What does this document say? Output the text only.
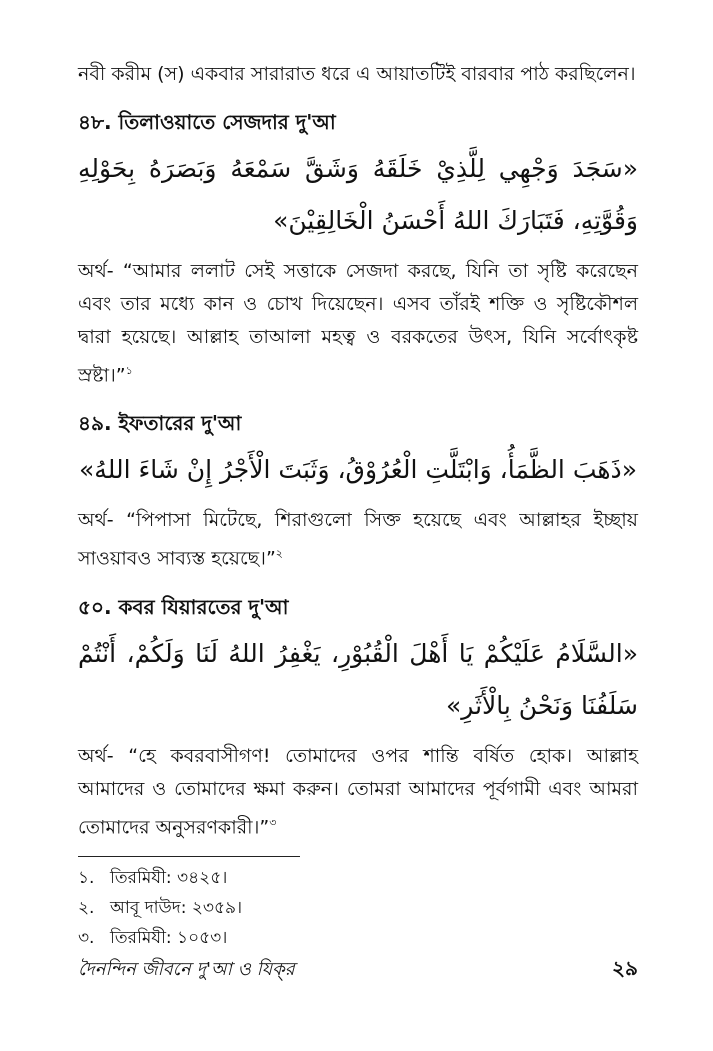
নবী করীম (স) একবার সারারাত ধরে এ আয়াতটিই বারবার পাঠ করছিলেন।

৪৮. তিলাওয়াতে সেজদার দু'আ

«سَجَدَ وَجْهِي لِلَّذِيْ خَلَقَهُ وَشَقَّ سَمْعَهُ وَبَصَرَهُ بِحَوْلِهِ وَقُوَّتِهِ، فَتَبَارَكَ اللهُ أَحْسَنُ الْخَالِقِيْنَ»

অর্থ- “আমার ললাট সেই সত্তাকে সেজদা করছে, যিনি তা সৃষ্টি করেছেন এবং তার মধ্যে কান ও চোখ দিয়েছেন। এসব তাঁরই শক্তি ও সৃষ্টিকৌশল দ্বারা হয়েছে। আল্লাহ তাআলা মহত্ব ও বরকতের উৎস, যিনি সর্বোৎকৃষ্ট স্রষ্টা।”$^১$

৪৯. ইফতারের দু'আ

«ذَهَبَ الظَّمَأُ، وَابْتَلَّتِ الْعُرُوْقُ، وَثَبَتَ الْأَجْرُ إِنْ شَاءَ اللهُ»

অর্থ- “পিপাসা মিটেছে, শিরাগুলো সিক্ত হয়েছে এবং আল্লাহর ইচ্ছায় সাওয়াবও সাব্যস্ত হয়েছে।”$^২$

৫০. কবর যিয়ারতের দু'আ

«السَّلَامُ عَلَيْكُمْ يَا أَهْلَ الْقُبُوْرِ، يَغْفِرُ اللهُ لَنَا وَلَكُمْ، أَنْتُمْ سَلَفُنَا وَنَحْنُ بِالْأَثَرِ»

অর্থ- “হে কবরবাসীগণ! তোমাদের ওপর শান্তি বর্ষিত হোক। আল্লাহ আমাদের ও তোমাদের ক্ষমা করুন। তোমরা আমাদের পূর্বগামী এবং আমরা তোমাদের অনুসরণকারী।”$^৩$

১. তিরমিযী: ৩৪২৫।
২. আবূ দাউদ: ২৩৫৯।
৩. তিরমিযী: ১০৫৩।
দৈনন্দিন জীবনে দু'আ ও যিক্‌র	২৯
